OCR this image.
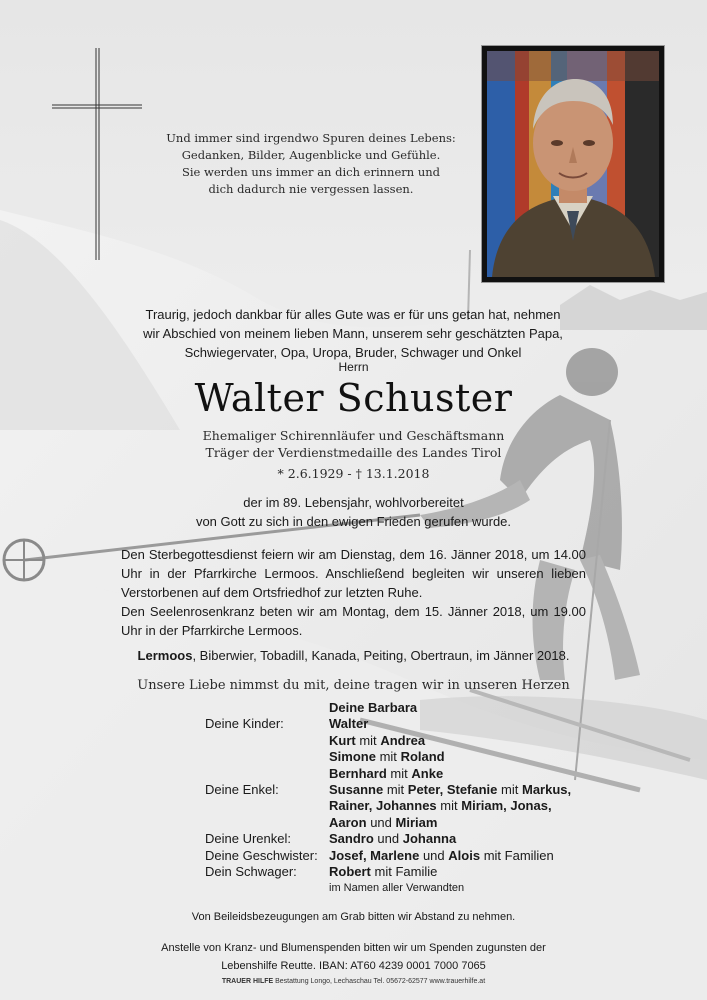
Und immer sind irgendwo Spuren deines Lebens:
Gedanken, Bilder, Augenblicke und Gefühle.
Sie werden uns immer an dich erinnern und
dich dadurch nie vergessen lassen.
Traurig, jedoch dankbar für alles Gute was er für uns getan hat, nehmen
wir Abschied von meinem lieben Mann, unserem sehr geschätzten Papa,
Schwiegervater, Opa, Uropa, Bruder, Schwager und Onkel
Herrn
Walter Schuster
Ehemaliger Schirennläufer und Geschäftsmann
Träger der Verdienstmedaille des Landes Tirol
* 2.6.1929 - † 13.1.2018
der im 89. Lebensjahr, wohlvorbereitet
von Gott zu sich in den ewigen Frieden gerufen wurde.
Den Sterbegottesdienst feiern wir am Dienstag, dem 16. Jänner 2018, um 14.00 Uhr in der Pfarrkirche Lermoos. Anschließend begleiten wir unseren lieben Verstorbenen auf dem Ortsfriedhof zur letzten Ruhe.
Den Seelenrosenkranz beten wir am Montag, dem 15. Jänner 2018, um 19.00 Uhr in der Pfarrkirche Lermoos.
Lermoos, Biberwier, Tobadill, Kanada, Peiting, Obertraun, im Jänner 2018.
Unsere Liebe nimmst du mit, deine tragen wir in unseren Herzen
Deine Barbara
Deine Kinder:	Walter
Kurt mit Andrea
Simone mit Roland
Bernhard mit Anke
Deine Enkel:	Susanne mit Peter, Stefanie mit Markus,
Rainer, Johannes mit Miriam, Jonas,
Aaron und Miriam
Deine Urenkel:	Sandro und Johanna
Deine Geschwister: Josef, Marlene und Alois mit Familien
Dein Schwager:	Robert mit Familie
im Namen aller Verwandten
Von Beileidsbezeugungen am Grab bitten wir Abstand zu nehmen.
Anstelle von Kranz- und Blumenspenden bitten wir um Spenden zugunsten der
Lebenshilfe Reutte. IBAN: AT60 4239 0001 7000 7065
TRAUER HILFE Bestattung Longo, Lechaschau Tel. 05672-62577 www.trauerhilfe.at
